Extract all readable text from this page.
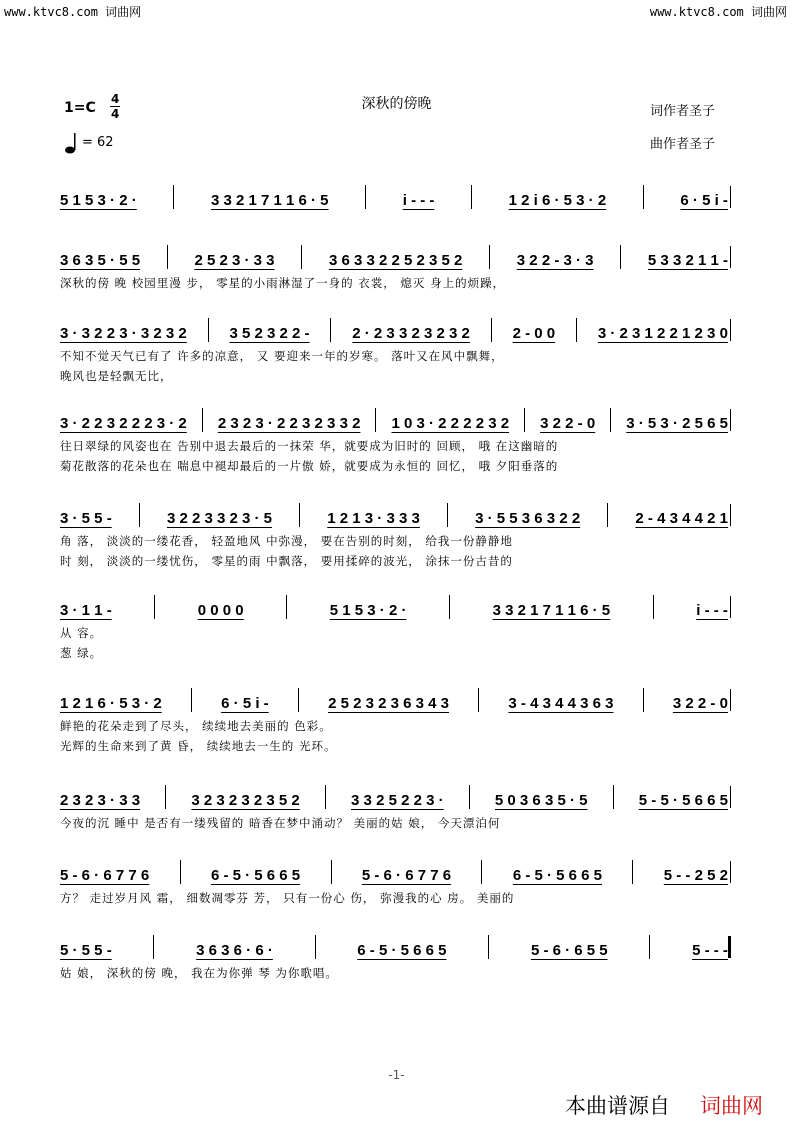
www.ktvc8.com 词曲网	www.ktvc8.com 词曲网
深秋的傍晚
1=C
4
4
= 62
词作者圣子
曲作者圣子
5 1 5 3 · 2 ·	3 3 2 1 7 1 1 6 · 5	i - - -	1 2 i 6 · 5 3 · 2	6 · 5 i -
3 6 3 5 · 5 5	2 5 2 3 · 3 3	3 6 3 3 2 2 5 2 3 5 2	3 2 2 - 3 · 3	5 3 3 2 1 1 -
深秋的傍 晚 校园里漫 步， 零星的小雨淋湿了一身的 衣裳， 熄灭 身上的烦躁，
3 · 3 2 2 3 · 3 2 3 2	3 5 2 3 2 2 -	2 · 2 3 3 2 3 2 3 2	2 - 0 0	3 · 2 3 1 2 2 1 2 3 0
不知不觉天气已有了 许多的凉意， 又 要迎来一年的岁寒。 落叶又在风中飘舞，
晚风也是轻飘无比，
3 · 2 2 3 2 2 2 3 · 2 2 3 2 3 · 2 2 3 2 3 3 2 1 0 3 · 2 2 2 2 3 2 3 2 2 - 0 3 · 5 3 · 2 5 6 5
往日翠绿的风姿也在 告别中退去最后的一抹荣 华，就要成为旧时的 回顾， 哦 在这幽暗的
菊花散落的花朵也在 喘息中褪却最后的一片傲 娇，就要成为永恒的 回忆， 哦 夕阳垂落的
3 · 5 5 -	3 2 2 3 3 2 3 · 5	1 2 1 3 · 3 3 3	3 · 5 5 3 6 3 2 2	2 - 4 3 4 4 2 1
角 落， 淡淡的一缕花香， 轻盈地风 中弥漫， 要在告别的时刻， 给我一份静静地
时 刻， 淡淡的一缕忧伤， 零星的雨 中飘落， 要用揉碎的波光， 涂抹一份古昔的
3 · 1 1 -	0 0 0 0	5 1 5 3 · 2 ·	3 3 2 1 7 1 1 6 · 5	i - - -
从 容。
葱 绿。
1 2 1 6 · 5 3 · 2	6 · 5 i -	2 5 2 3 2 3 6 3 4 3	3 - 4 3 4 4 3 6 3	3 2 2 - 0
鲜艳的花朵走到了尽头， 续续地去美丽的 色彩。
光辉的生命来到了黄 昏， 续续地去一生的 光环。
2 3 2 3 · 3 3	3 2 3 2 3 2 3 5 2	3 3 2 5 2 2 3 ·	5 0 3 6 3 5 · 5	5 - 5 · 5 6 6 5
今夜的沉 睡中 是否有一缕残留的 暗香在梦中涌动？ 美丽的姑 娘， 今天漂泊何
5 - 6 · 6 7 7 6	6 - 5 · 5 6 6 5	5 - 6 · 6 7 7 6	6 - 5 · 5 6 6 5	5 - - 2 5 2
方？ 走过岁月风 霜， 细数凋零芬 芳， 只有一份心 伤， 弥漫我的心 房。 美丽的
5 · 5 5 -	3 6 3 6 · 6 ·	6 - 5 · 5 6 6 5	5 - 6 · 6 5 5	5 - - -
姑 娘， 深秋的傍 晚， 我在为你弹 琴 为你歌唱。
-1-
本曲谱源自 词曲网
